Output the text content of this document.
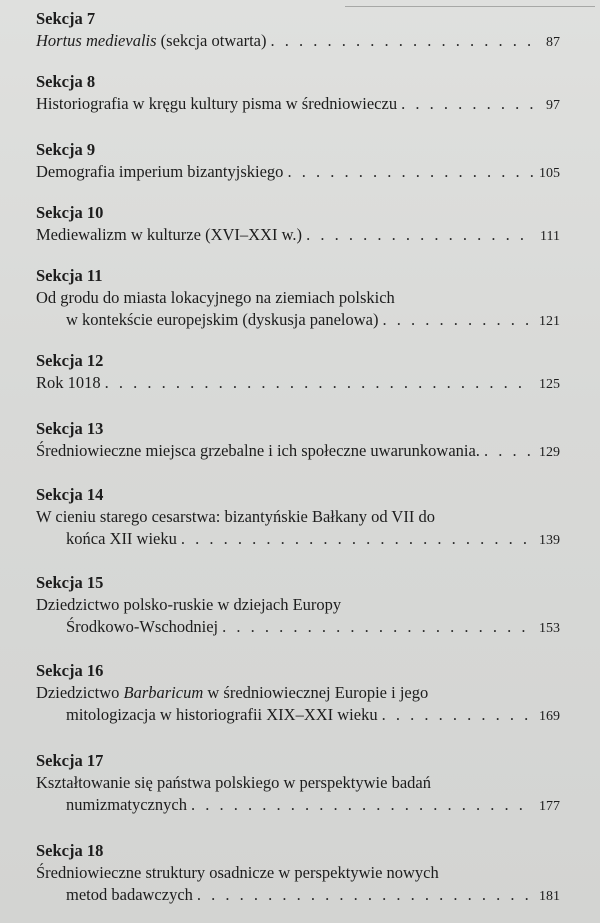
Sekcja 7
Hortus medievalis (sekcja otwarta) . . .	87
Sekcja 8
Historiografia w kręgu kultury pisma w średniowieczu . . .	97
Sekcja 9
Demografia imperium bizantyjskiego . . .	105
Sekcja 10
Mediewalizm w kulturze (XVI–XXI w.) . . .	111
Sekcja 11
Od grodu do miasta lokacyjnego na ziemiach polskich
w kontekście europejskim (dyskusja panelowa) . . .	121
Sekcja 12
Rok 1018 . . .	125
Sekcja 13
Średniowieczne miejsca grzebalne i ich społeczne uwarunkowania. . . .	129
Sekcja 14
W cieniu starego cesarstwa: bizantyńskie Bałkany od VII do
końca XII wieku . . .	139
Sekcja 15
Dziedzictwo polsko-ruskie w dziejach Europy
Środkowo-Wschodniej . . .	153
Sekcja 16
Dziedzictwo Barbaricum w średniowiecznej Europie i jego
mitologizacja w historiografii XIX–XXI wieku . . .	169
Sekcja 17
Kształtowanie się państwa polskiego w perspektywie badań
numizmatycznych . . .	177
Sekcja 18
Średniowieczne struktury osadnicze w perspektywie nowych
metod badawczych . . .	181
